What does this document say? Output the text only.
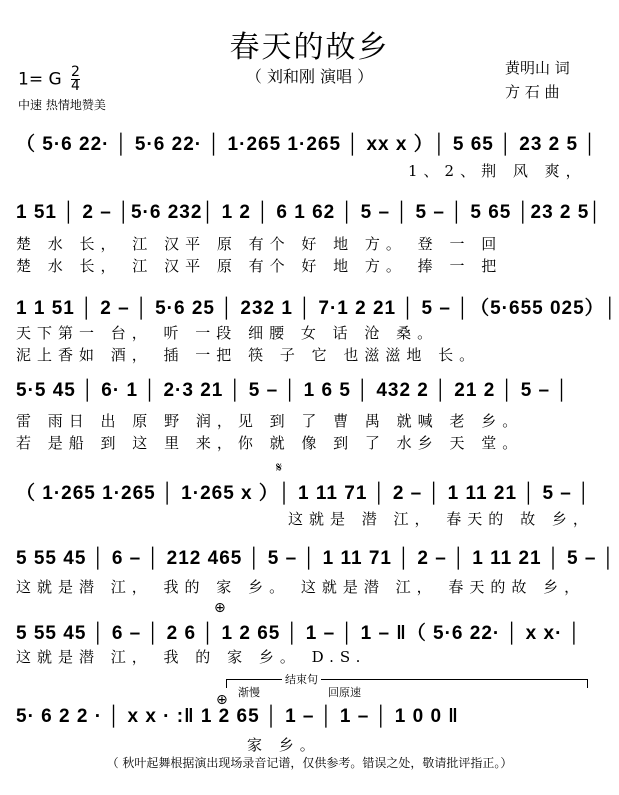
春天的故乡
（ 刘和刚 演唱 ）
1= G $\frac{2}{4}$
中速 热情地赞美
黄明山 词
方 石 曲
（ 5·6 22· │ 5·6 22· │ 1·265 1·265 │ xx x ）│ 5 65 │ 23 2 5 │
1、2、荆 风 爽，
1 51 │ 2 – │5·6 232│ 1 2 │ 6 1 62 │ 5 – │ 5 – │ 5 65 │23 2 5│
楚 水 长， 江 汉平 原 有个 好 地 方。 登 一 回
楚 水 长， 江 汉平 原 有个 好 地 方。 捧 一 把
1 1 51 │ 2 – │ 5·6 25 │ 232 1 │ 7·1 2 21 │ 5 – │（5·655 025）│
天下第一 台， 听 一段 细腰 女 话 沧 桑。
泥上香如 酒， 插 一把 筷 子 它 也滋滋地 长。
5·5 45 │ 6· 1 │ 2·3 21 │ 5 – │ 1 6 5 │ 432 2 │ 21 2 │ 5 – │
雷 雨日 出 原 野 润，见 到 了 曹 禺 就喊 老 乡。
若 是船 到 这 里 来，你 就 像 到 了 水乡 天 堂。
𝄋
（ 1·265 1·265 │ 1·265 x ）│ 1 11 71 │ 2 – │ 1 11 21 │ 5 – │
这就是 潜 江， 春天的 故 乡，
5 55 45 │ 6 – │ 212 465 │ 5 – │ 1 11 71 │ 2 – │ 1 11 21 │ 5 – │
这就是潜 江， 我的 家 乡。 这就是潜 江， 春天的故 乡，
⊕
5 55 45 │ 6 – │ 2 6 │ 1 2 65 │ 1 – │ 1 – ‖（ 5·6 22· │ x x· │
这就是潜 江， 我 的 家 乡。 D.S.
结束句
渐慢	回原速
⊕
5· 6 2 2 · │ x x · :‖ 1 2 65 │ 1 – │ 1 – │ 1 0 0 ‖
家 乡。
（ 秋叶起舞根据演出现场录音记谱，仅供参考。错误之处，敬请批评指正。）
